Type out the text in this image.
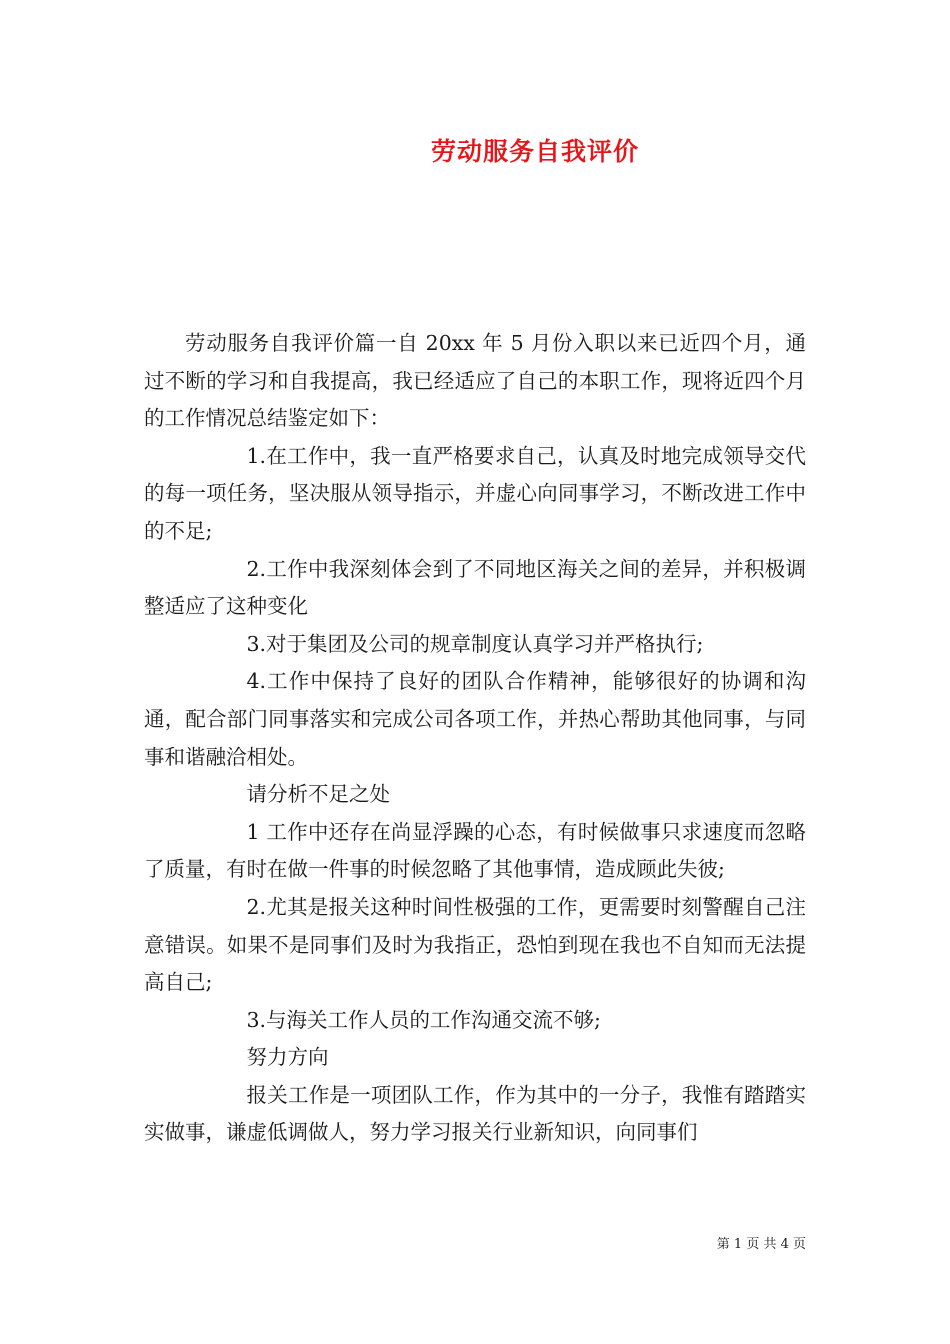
劳动服务自我评价

劳动服务自我评价篇一自 20xx 年 5 月份入职以来已近四个月，通过不断的学习和自我提高，我已经适应了自己的本职工作，现将近四个月的工作情况总结鉴定如下：

1.在工作中，我一直严格要求自己，认真及时地完成领导交代的每一项任务，坚决服从领导指示，并虚心向同事学习，不断改进工作中的不足;

2.工作中我深刻体会到了不同地区海关之间的差异，并积极调整适应了这种变化

3.对于集团及公司的规章制度认真学习并严格执行;

4.工作中保持了良好的团队合作精神，能够很好的协调和沟通，配合部门同事落实和完成公司各项工作，并热心帮助其他同事，与同事和谐融洽相处。

请分析不足之处

1 工作中还存在尚显浮躁的心态，有时候做事只求速度而忽略了质量，有时在做一件事的时候忽略了其他事情，造成顾此失彼;

2.尤其是报关这种时间性极强的工作，更需要时刻警醒自己注意错误。如果不是同事们及时为我指正，恐怕到现在我也不自知而无法提高自己;

3.与海关工作人员的工作沟通交流不够;

努力方向

报关工作是一项团队工作，作为其中的一分子，我惟有踏踏实实做事，谦虚低调做人，努力学习报关行业新知识，向同事们

第 1 页 共 4 页
